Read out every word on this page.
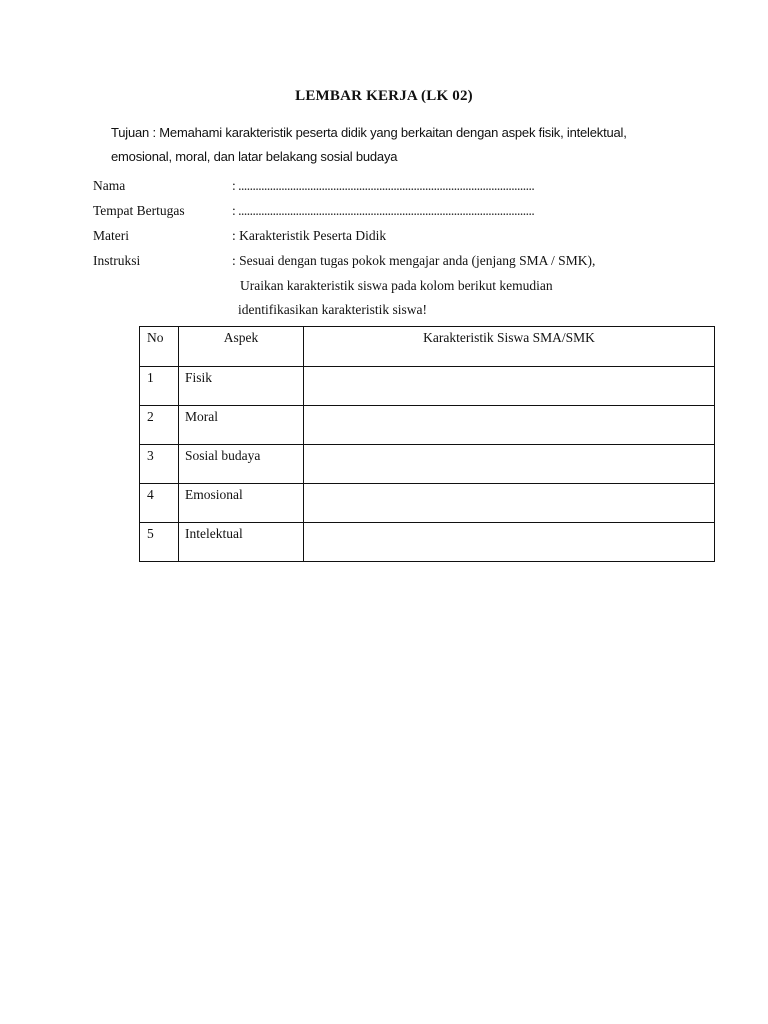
LEMBAR KERJA (LK 02)
Tujuan : Memahami karakteristik peserta didik yang berkaitan dengan aspek fisik, intelektual,
emosional, moral, dan latar belakang sosial budaya
Nama	: .......................................................................................................
Tempat Bertugas	: .......................................................................................................
Materi	: Karakteristik Peserta Didik
Instruksi	: Sesuai dengan tugas pokok mengajar anda (jenjang SMA / SMK),
Uraikan karakteristik siswa pada kolom berikut kemudian
identifikasikan karakteristik siswa!
No	Aspek	Karakteristik Siswa SMA/SMK

1	Fisik	

2	Moral	

3	Sosial budaya	

4	Emosional	

5	Intelektual	
